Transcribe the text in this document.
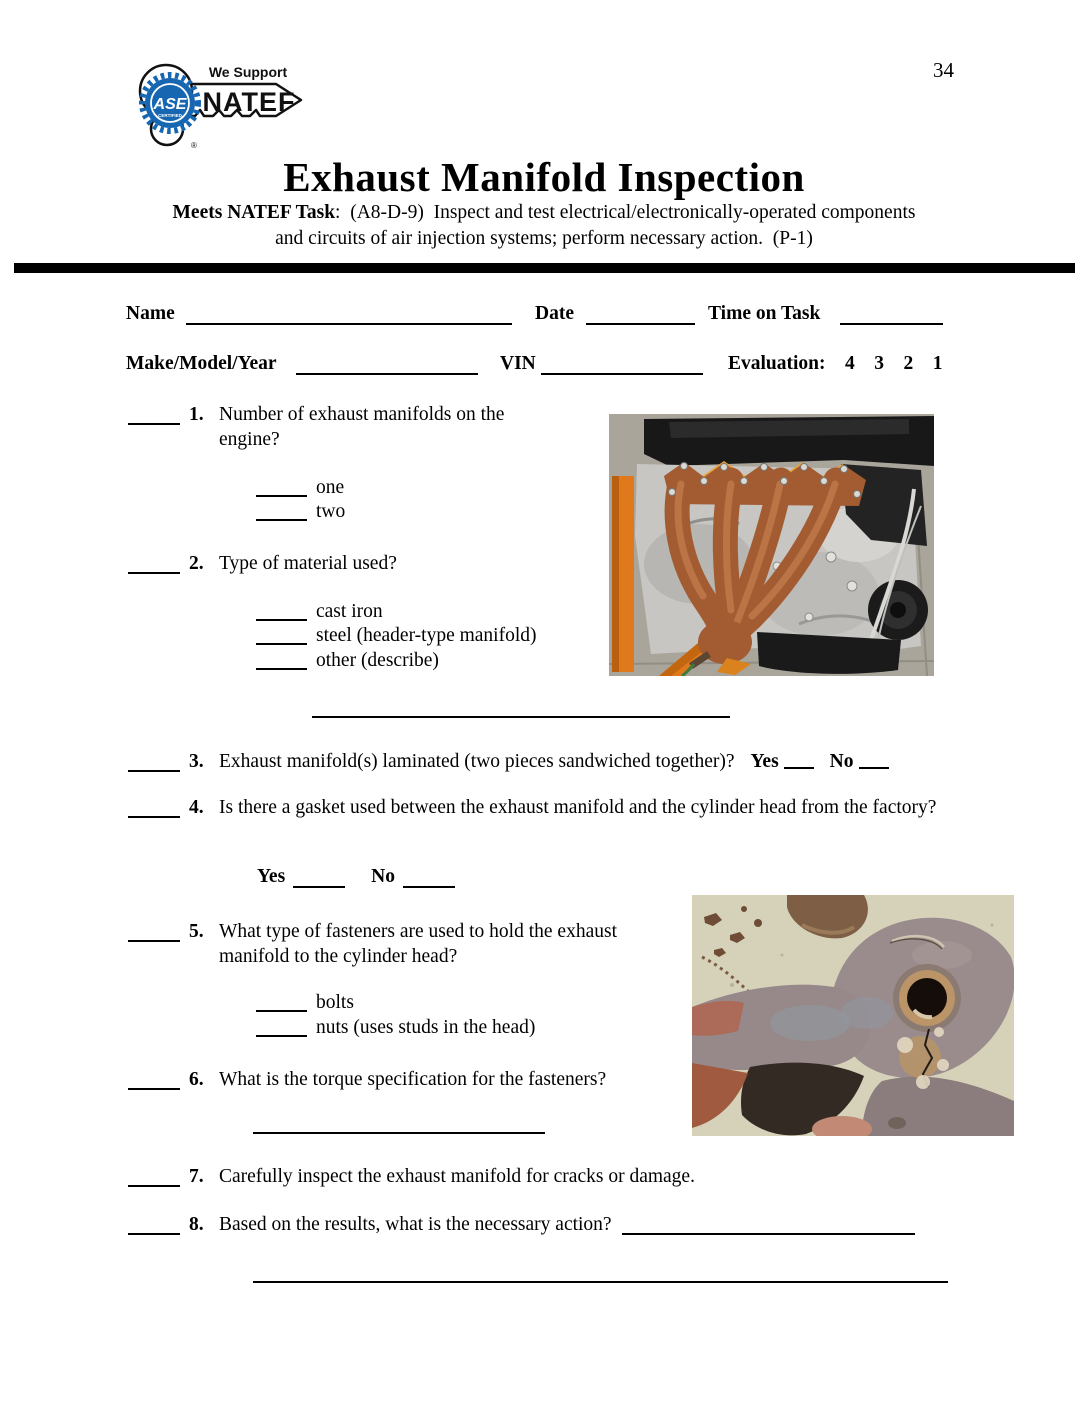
34
ASE
CERTIFIED
We Support
NATEF
®
Exhaust Manifold Inspection
Meets NATEF Task:  (A8-D-9)  Inspect and test electrical/electronically-operated components
and circuits of air injection systems; perform necessary action.  (P-1)
Name	Date	Time on Task
Make/Model/Year	VIN	Evaluation: 4    3    2    1
1. Number of exhaust manifolds on the engine?
one
two
2. Type of material used?
cast iron
steel (header-type manifold)
other (describe)
3. Exhaust manifold(s) laminated (two pieces sandwiched together)? Yes	No
4. Is there a gasket used between the exhaust manifold and the cylinder head from the factory?
Yes	No
5. What type of fasteners are used to hold the exhaust manifold to the cylinder head?
bolts
nuts (uses studs in the head)
6. What is the torque specification for the fasteners?
7. Carefully inspect the exhaust manifold for cracks or damage.
8. Based on the results, what is the necessary action?
